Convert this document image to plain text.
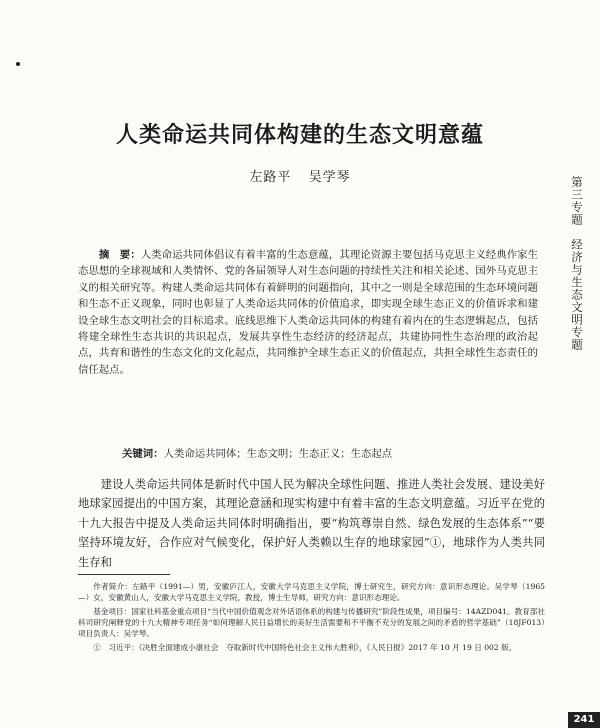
人类命运共同体构建的生态文明意蕴
左路平 吴学琴	第三专题　经济与生态文明专题
摘　要：人类命运共同体倡议有着丰富的生态意蕴，其理论资源主要包括马克思主义经典作家生态思想的全球视域和人类情怀、党的各届领导人对生态问题的持续性关注和相关论述、国外马克思主义的相关研究等。构建人类命运共同体有着鲜明的问题指向，其中之一则是全球范围的生态环境问题和生态不正义现象，同时也彰显了人类命运共同体的价值追求，即实现全球生态正义的价值诉求和建设全球生态文明社会的目标追求。底线思维下人类命运共同体的构建有着内在的生态逻辑起点，包括将建全球性生态共识的共识起点，发展共享性生态经济的经济起点，共建协同性生态治理的政治起点，共育和谐性的生态文化的文化起点，共同维护全球生态正义的价值起点，共担全球性生态责任的信任起点。
关键词：人类命运共同体；生态文明；生态正义；生态起点
建设人类命运共同体是新时代中国人民为解决全球性问题、推进人类社会发展、建设美好地球家园提出的中国方案，其理论意涵和现实构建中有着丰富的生态文明意蕴。习近平在党的十九大报告中提及人类命运共同体时明确指出，要“构筑尊崇自然、绿色发展的生态体系”“要坚持环境友好，合作应对气候变化，保护好人类赖以生存的地球家园”①，地球作为人类共同生存和

作者简介：左路平（1991—）男，安徽庐江人，安徽大学马克思主义学院，博士研究生，研究方向：意识形态理论。吴学琴（1965—）女，安徽黄山人，安徽大学马克思主义学院，教授，博士生导师，研究方向：意识形态理论。

基金项目：国家社科基金重点项目“当代中国价值观念对外话语体系的构建与传播研究”阶段性成果，项目编号：14AZD041。教育部社科司研究阐释党的十九大精神专项任务“如何理解人民日益增长的美好生活需要和不平衡不充分的发展之间的矛盾的哲学基础”（18JF013）　项目负责人：吴学琴。

①　习近平：《决胜全面建成小康社会　夺取新时代中国特色社会主义伟大胜利》，《人民日报》2017 年 10 月 19 日 002 版。

241
